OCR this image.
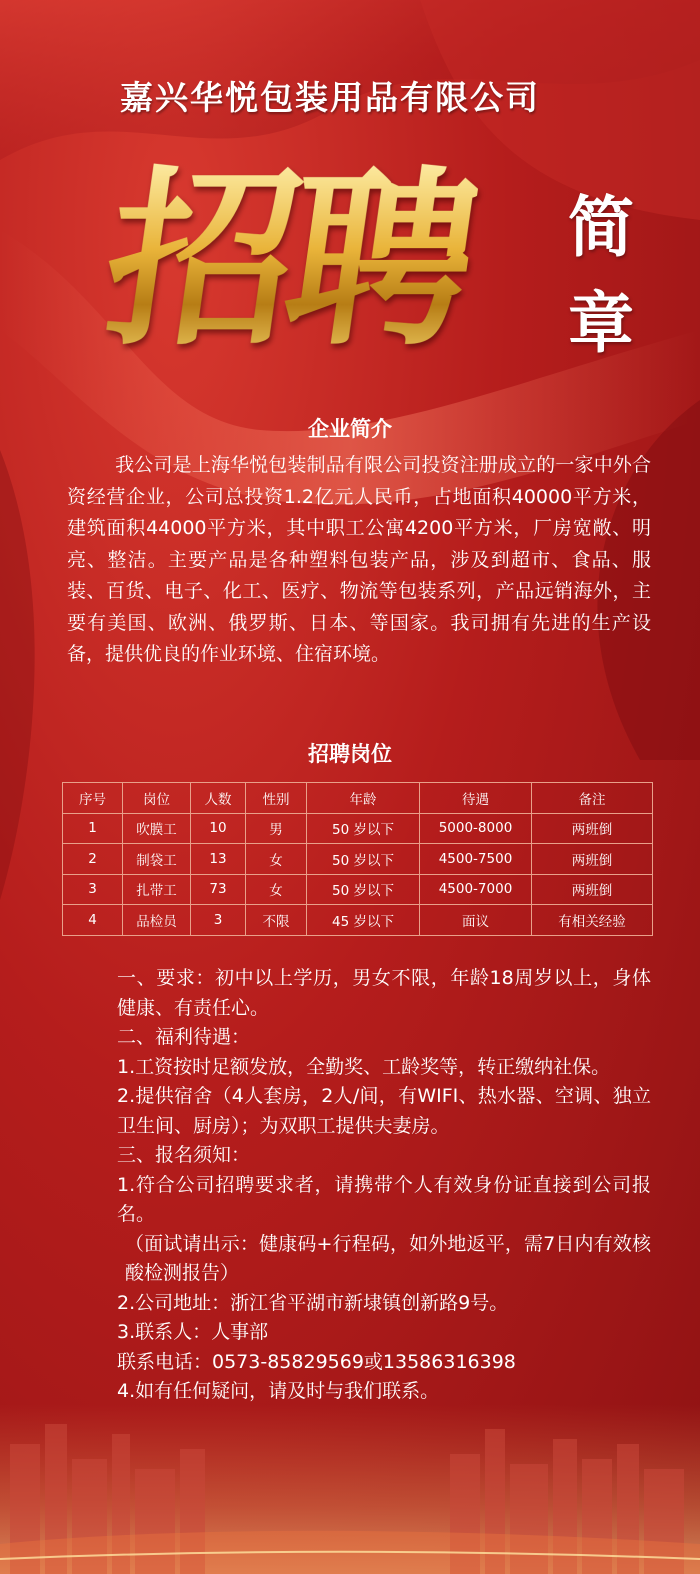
嘉兴华悦包装用品有限公司
招聘 简
章
企业简介
我公司是上海华悦包装制品有限公司投资注册成立的一家中外合资经营企业，公司总投资1.2亿元人民币，占地面积40000平方米，建筑面积44000平方米，其中职工公寓4200平方米，厂房宽敞、明亮、整洁。主要产品是各种塑料包装产品，涉及到超市、食品、服装、百货、电子、化工、医疗、物流等包装系列，产品远销海外，主要有美国、欧洲、俄罗斯、日本、等国家。我司拥有先进的生产设备，提供优良的作业环境、住宿环境。
招聘岗位
序号	岗位	人数	性别	年龄	待遇	备注
1	吹膜工	10	男	50 岁以下	5000-8000	两班倒
2	制袋工	13	女	50 岁以下	4500-7500	两班倒
3	扎带工	73	女	50 岁以下	4500-7000	两班倒
4	品检员	3	不限	45 岁以下	面议	有相关经验

一、要求：初中以上学历，男女不限，年龄18周岁以上，身体健康、有责任心。

二、福利待遇：

1.工资按时足额发放，全勤奖、工龄奖等，转正缴纳社保。

2.提供宿舍（4人套房，2人/间，有WIFI、热水器、空调、独立卫生间、厨房）；为双职工提供夫妻房。

三、报名须知：

1.符合公司招聘要求者，请携带个人有效身份证直接到公司报名。

（面试请出示：健康码+行程码，如外地返平，需7日内有效核酸检测报告）

2.公司地址：浙江省平湖市新埭镇创新路9号。

3.联系人：人事部

联系电话：0573-85829569或13586316398

4.如有任何疑问，请及时与我们联系。
